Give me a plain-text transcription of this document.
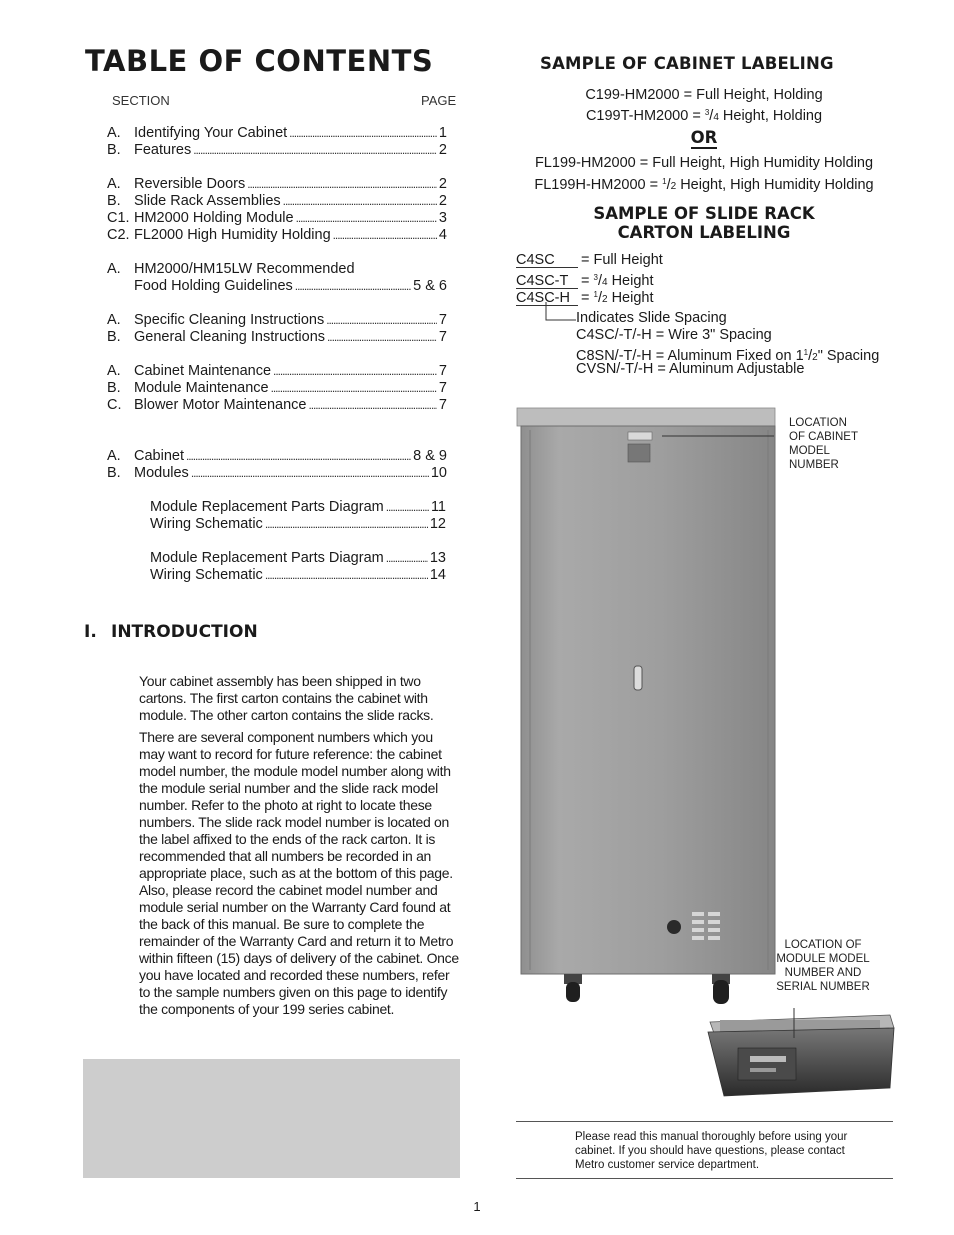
TABLE OF CONTENTS
SECTION	PAGE
A. Identifying Your Cabinet . . .	1
B. Features . . .	2
A. Reversible Doors . . .	2
B. Slide Rack Assemblies . . .	2
C1. HM2000 Holding Module . . .	3
C2. FL2000 High Humidity Holding . . .	4
A. HM2000/HM15LW Recommended
Food Holding Guidelines . . .	5 & 6
A. Specific Cleaning Instructions . . .	7
B. General Cleaning Instructions . . .	7
A. Cabinet Maintenance . . .	7
B. Module Maintenance . . .	7
C. Blower Motor Maintenance . . .	7
A. Cabinet . . .	8 & 9
B. Modules . . .	10
Module Replacement Parts Diagram . . .	11
Wiring Schematic . . .	12
Module Replacement Parts Diagram . . .	13
Wiring Schematic . . .	14
I. INTRODUCTION

Your cabinet assembly has been shipped in two cartons. The first carton contains the cabinet with module. The other carton contains the slide racks.

There are several component numbers which you may want to record for future reference: the cabinet model number, the module model number along with the module serial number and the slide rack model number. Refer to the photo at right to locate these numbers. The slide rack model number is located on the label affixed to the ends of the rack carton. It is recommended that all numbers be recorded in an appropriate place, such as at the bottom of this page. Also, please record the cabinet model number and module serial number on the Warranty Card found at the back of this manual. Be sure to complete the remainder of the Warranty Card and return it to Metro within fifteen (15) days of delivery of the cabinet. Once you have located and recorded these numbers, refer to the sample numbers given on this page to identify the components of your 199 series cabinet.

SAMPLE OF CABINET LABELING
C199-HM2000 = Full Height, Holding
C199T-HM2000 = $^3$/4 Height, Holding
OR
FL199-HM2000 = Full Height, High Humidity Holding
FL199H-HM2000 = $^1$/2 Height, High Humidity Holding
SAMPLE OF SLIDE RACK
CARTON LABELING
C4SC = Full Height
C4SC-T = $^3$/4 Height
C4SC-H = $^1$/2 Height
Indicates Slide Spacing
C4SC/-T/-H = Wire 3" Spacing
C8SN/-T/-H = Aluminum Fixed on $1^1/2$" Spacing
CVSN/-T/-H = Aluminum Adjustable
LOCATION
OF CABINET
MODEL
NUMBER
LOCATION OF
MODULE MODEL
NUMBER AND
SERIAL NUMBER
Please read this manual thoroughly before using your cabinet. If you should have questions, please contact Metro customer service department.
1
